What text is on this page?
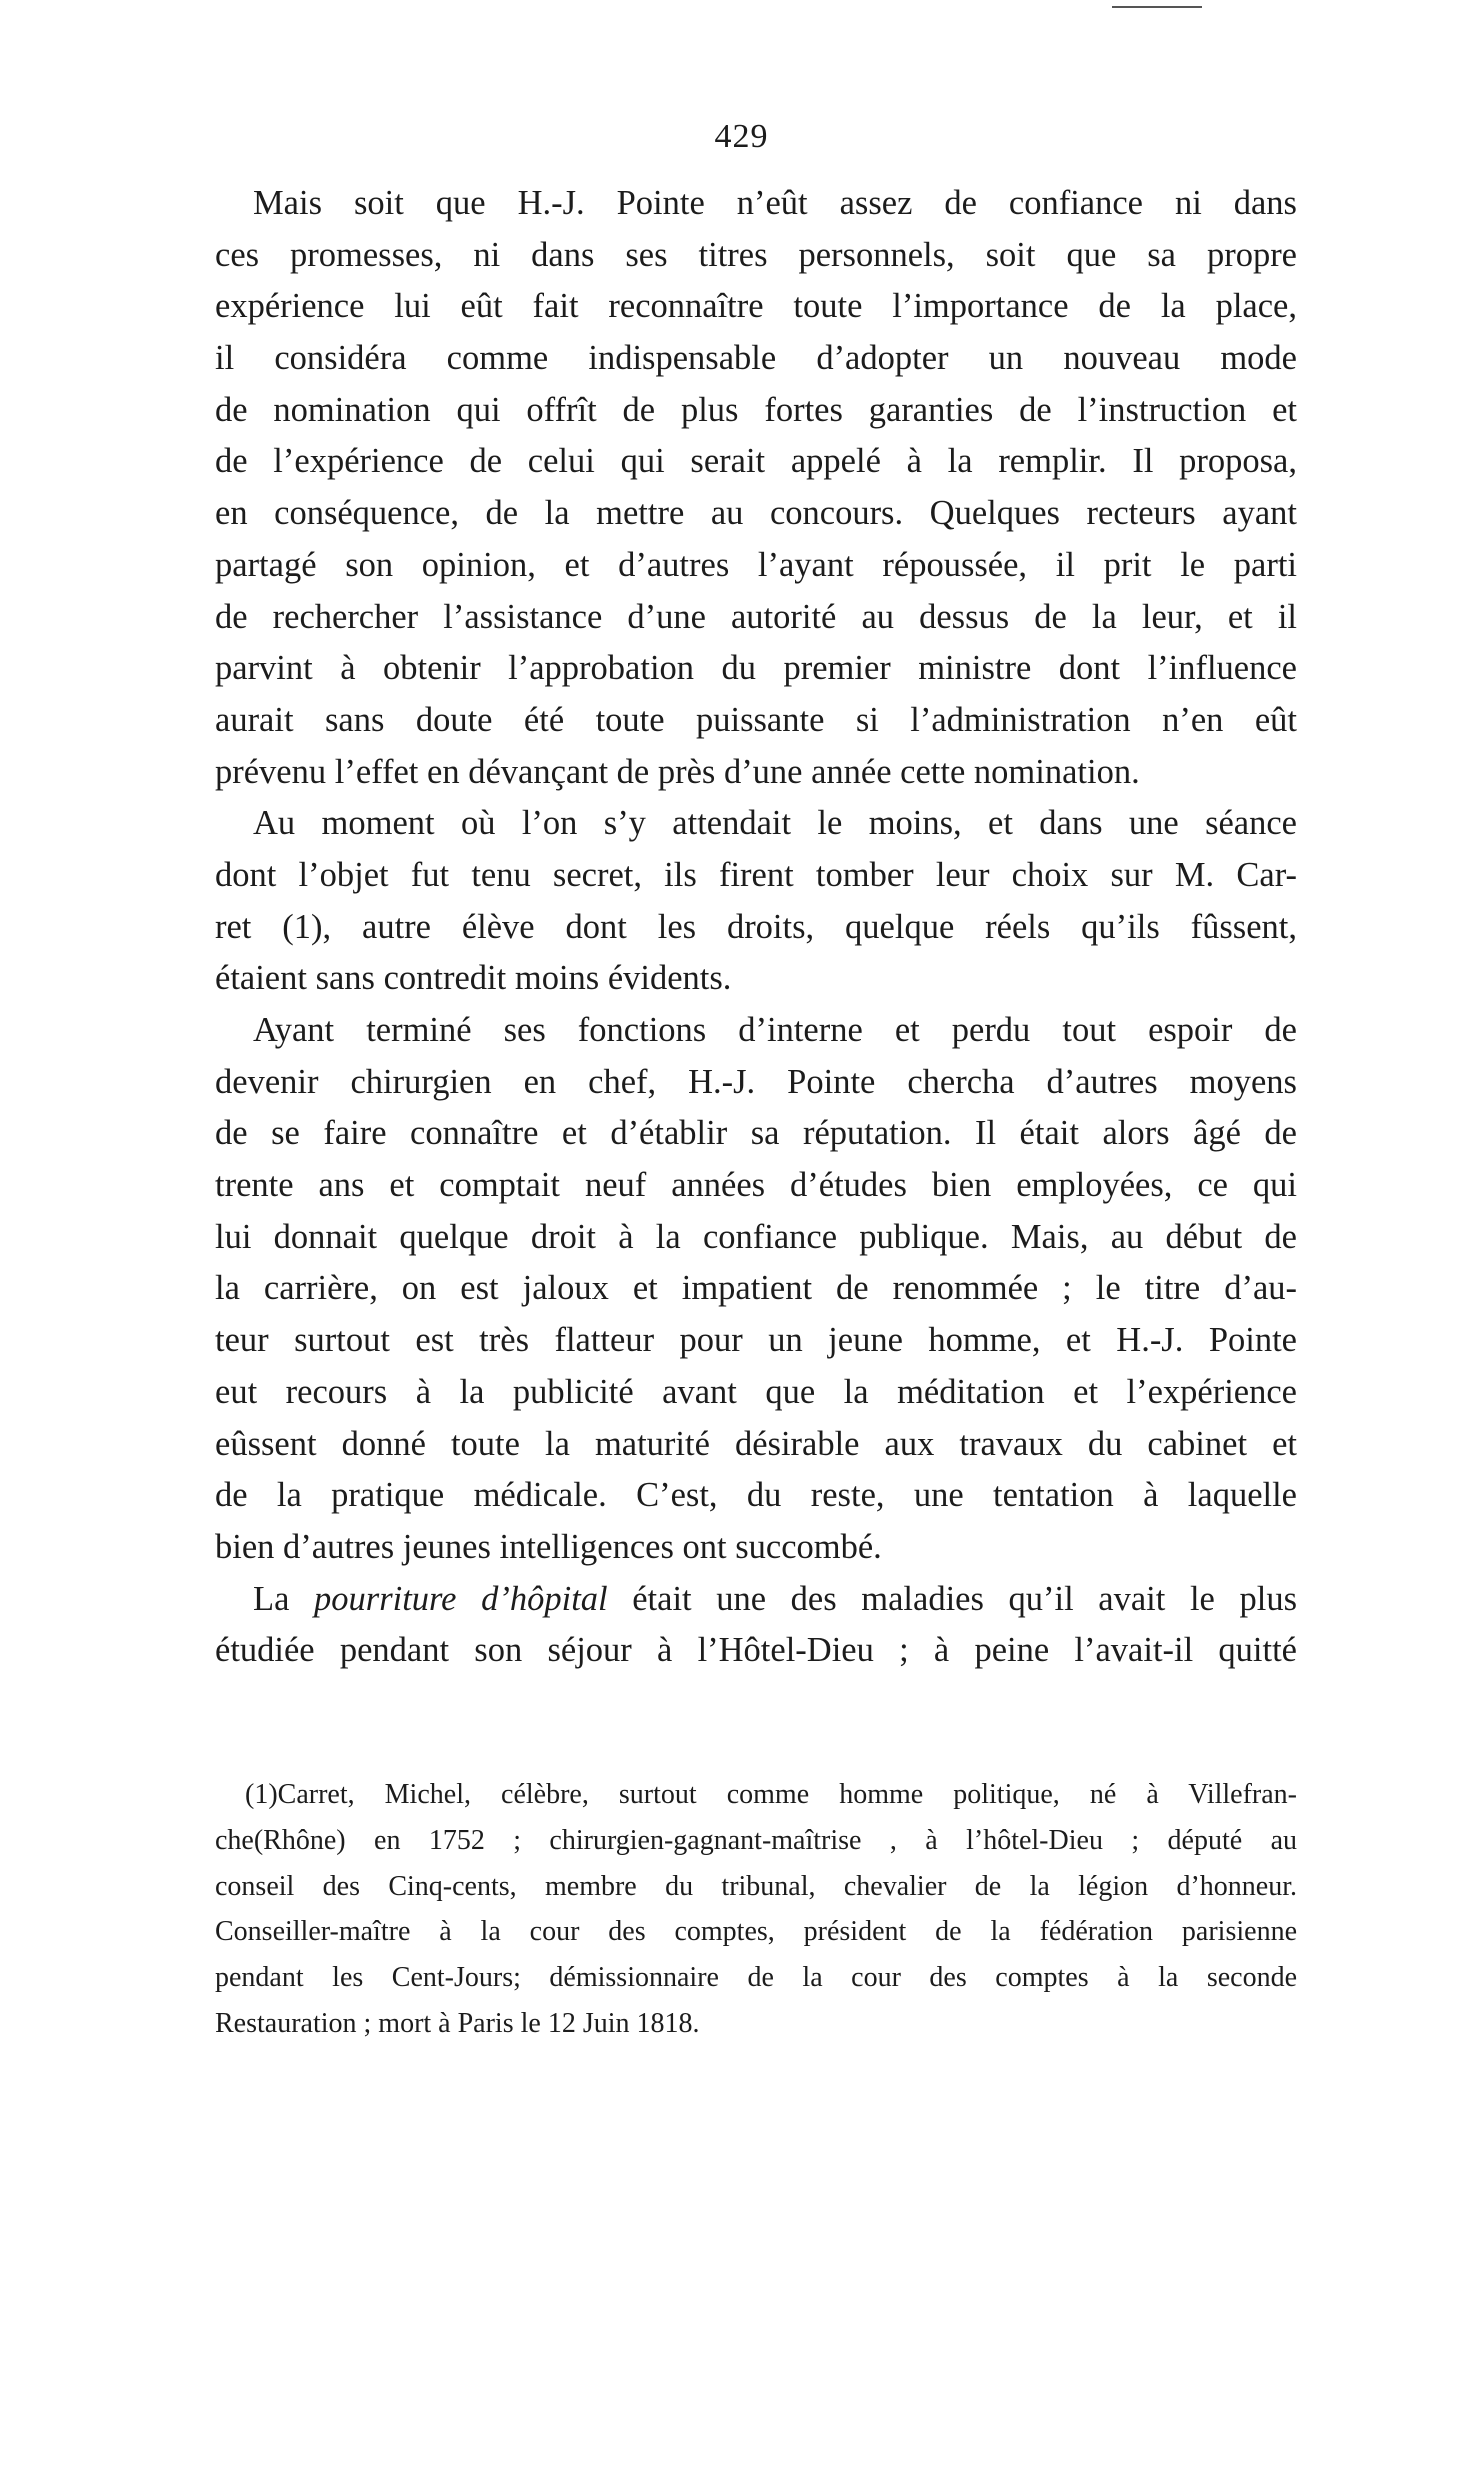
429
Mais soit que H.-J. Pointe n’eût assez de confiance ni dans
ces promesses, ni dans ses titres personnels, soit que sa propre
expérience lui eût fait reconnaître toute l’importance de la place,
il considéra comme indispensable d’adopter un nouveau mode
de nomination qui offrît de plus fortes garanties de l’instruction et
de l’expérience de celui qui serait appelé à la remplir. Il proposa,
en conséquence, de la mettre au concours. Quelques recteurs ayant
partagé son opinion, et d’autres l’ayant répoussée, il prit le parti
de rechercher l’assistance d’une autorité au dessus de la leur, et il
parvint à obtenir l’approbation du premier ministre dont l’influence
aurait sans doute été toute puissante si l’administration n’en eût
prévenu l’effet en dévançant de près d’une année cette nomination.
Au moment où l’on s’y attendait le moins, et dans une séance
dont l’objet fut tenu secret, ils firent tomber leur choix sur M. Car-
ret (1), autre élève dont les droits, quelque réels qu’ils fûssent,
étaient sans contredit moins évidents.
Ayant terminé ses fonctions d’interne et perdu tout espoir de
devenir chirurgien en chef, H.-J. Pointe chercha d’autres moyens
de se faire connaître et d’établir sa réputation. Il était alors âgé de
trente ans et comptait neuf années d’études bien employées, ce qui
lui donnait quelque droit à la confiance publique. Mais, au début de
la carrière, on est jaloux et impatient de renommée ; le titre d’au-
teur surtout est très flatteur pour un jeune homme, et H.-J. Pointe
eut recours à la publicité avant que la méditation et l’expérience
eûssent donné toute la maturité désirable aux travaux du cabinet et
de la pratique médicale. C’est, du reste, une tentation à laquelle
bien d’autres jeunes intelligences ont succombé.
La pourriture d’hôpital était une des maladies qu’il avait le plus
étudiée pendant son séjour à l’Hôtel-Dieu ; à peine l’avait-il quitté
(1)Carret, Michel, célèbre, surtout comme homme politique, né à Villefran-
che(Rhône) en 1752 ; chirurgien-gagnant-maîtrise , à l’hôtel-Dieu ; député au
conseil des Cinq-cents, membre du tribunal, chevalier de la légion d’honneur.
Conseiller-maître à la cour des comptes, président de la fédération parisienne
pendant les Cent-Jours; démissionnaire de la cour des comptes à la seconde
Restauration ; mort à Paris le 12 Juin 1818.
